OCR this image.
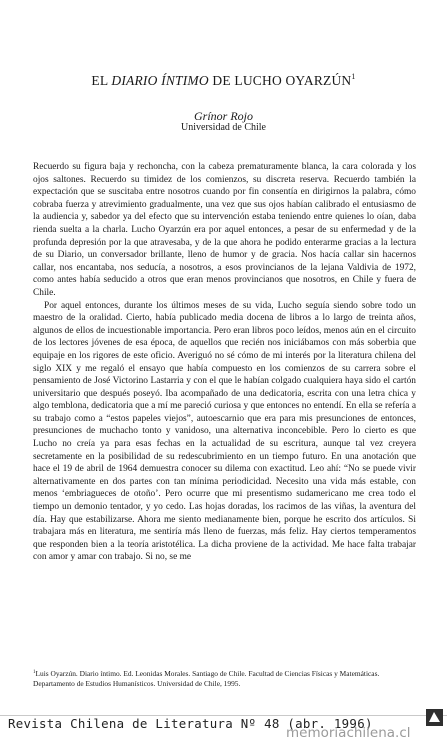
EL DIARIO ÍNTIMO DE LUCHO OYARZÚN$^1$
Grínor Rojo
Universidad de Chile

Recuerdo su figura baja y rechoncha, con la cabeza prematuramente blanca, la cara colorada y los ojos saltones. Recuerdo su timidez de los comienzos, su discreta reserva. Recuerdo también la expectación que se suscitaba entre nosotros cuando por fin consentía en dirigirnos la palabra, cómo cobraba fuerza y atrevimiento gradualmente, una vez que sus ojos habían calibrado el entusiasmo de la audiencia y, sabedor ya del efecto que su intervención estaba teniendo entre quienes lo oían, daba rienda suelta a la charla. Lucho Oyarzún era por aquel entonces, a pesar de su enfermedad y de la profunda depresión por la que atravesaba, y de la que ahora he podido enterarme gracias a la lectura de su Diario, un conversador brillante, lleno de humor y de gracia. Nos hacía callar sin hacernos callar, nos encantaba, nos seducía, a nosotros, a esos provincianos de la lejana Valdivia de 1972, como antes había seducido a otros que eran menos provincianos que nosotros, en Chile y fuera de Chile.

Por aquel entonces, durante los últimos meses de su vida, Lucho seguía siendo sobre todo un maestro de la oralidad. Cierto, había publicado media docena de libros a lo largo de treinta años, algunos de ellos de incuestionable importancia. Pero eran libros poco leídos, menos aún en el circuito de los lectores jóvenes de esa época, de aquellos que recién nos iniciábamos con más soberbia que equipaje en los rigores de este oficio. Averiguó no sé cómo de mi interés por la literatura chilena del siglo XIX y me regaló el ensayo que había compuesto en los comienzos de su carrera sobre el pensamiento de José Victorino Lastarria y con el que le habían colgado cualquiera haya sido el cartón universitario que después poseyó. Iba acompañado de una dedicatoria, escrita con una letra chica y algo temblona, dedicatoria que a mí me pareció curiosa y que entonces no entendí. En ella se refería a su trabajo como a “estos papeles viejos”, autoescarnio que era para mis presunciones de entonces, presunciones de muchacho tonto y vanidoso, una alternativa inconcebible. Pero lo cierto es que Lucho no creía ya para esas fechas en la actualidad de su escritura, aunque tal vez creyera secretamente en la posibilidad de su redescubrimiento en un tiempo futuro. En una anotación que hace el 19 de abril de 1964 demuestra conocer su dilema con exactitud. Leo ahí: “No se puede vivir alternativamente en dos partes con tan mínima periodicidad. Necesito una vida más estable, con menos ‘embriagueces de otoño’. Pero ocurre que mi presentismo sudamericano me crea todo el tiempo un demonio tentador, y yo cedo. Las hojas doradas, los racimos de las viñas, la aventura del día. Hay que estabilizarse. Ahora me siento medianamente bien, porque he escrito dos artículos. Si trabajara más en literatura, me sentiría más lleno de fuerzas, más feliz. Hay ciertos temperamentos que responden bien a la teoría aristotélica. La dicha proviene de la actividad. Me hace falta trabajar con amor y amar con trabajo. Si no, se me

$^1$Luis Oyarzún. Diario íntimo. Ed. Leonidas Morales. Santiago de Chile. Facultad de Ciencias Físicas y Matemáticas. Departamento de Estudios Humanísticos. Universidad de Chile, 1995.
Revista Chilena de Literatura Nº 48 (abr. 1996)
memoriachilena.cl
